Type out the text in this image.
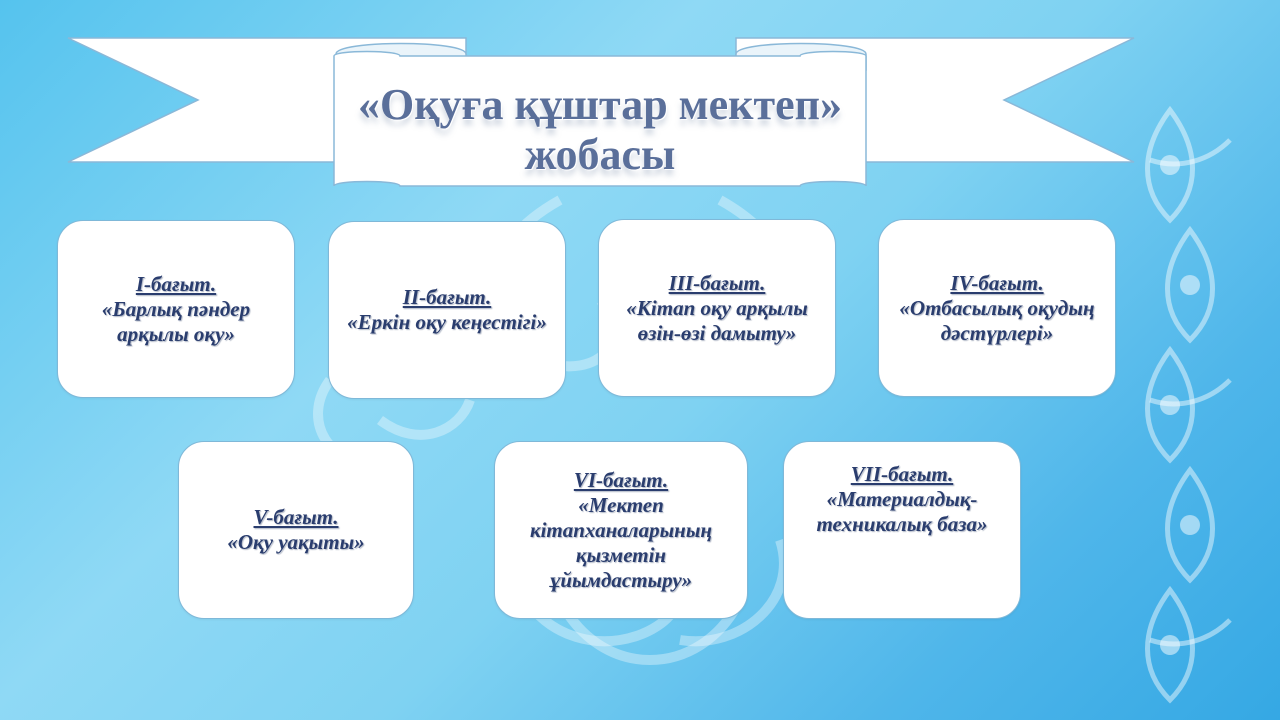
«Оқуға құштар мектеп»
жобасы
I-бағыт.
«Барлық пәндер арқылы оқу»
II-бағыт.
«Еркін оқу кеңестігі»
III-бағыт.
«Кітап оқу арқылы өзін-өзі дамыту»
IV-бағыт.
«Отбасылық оқудың дәстүрлері»
V-бағыт.
«Оқу уақыты»
VI-бағыт.
«Мектеп кітапханаларының қызметін ұйымдастыру»
VII-бағыт.
«Материалдық-техникалық база»
